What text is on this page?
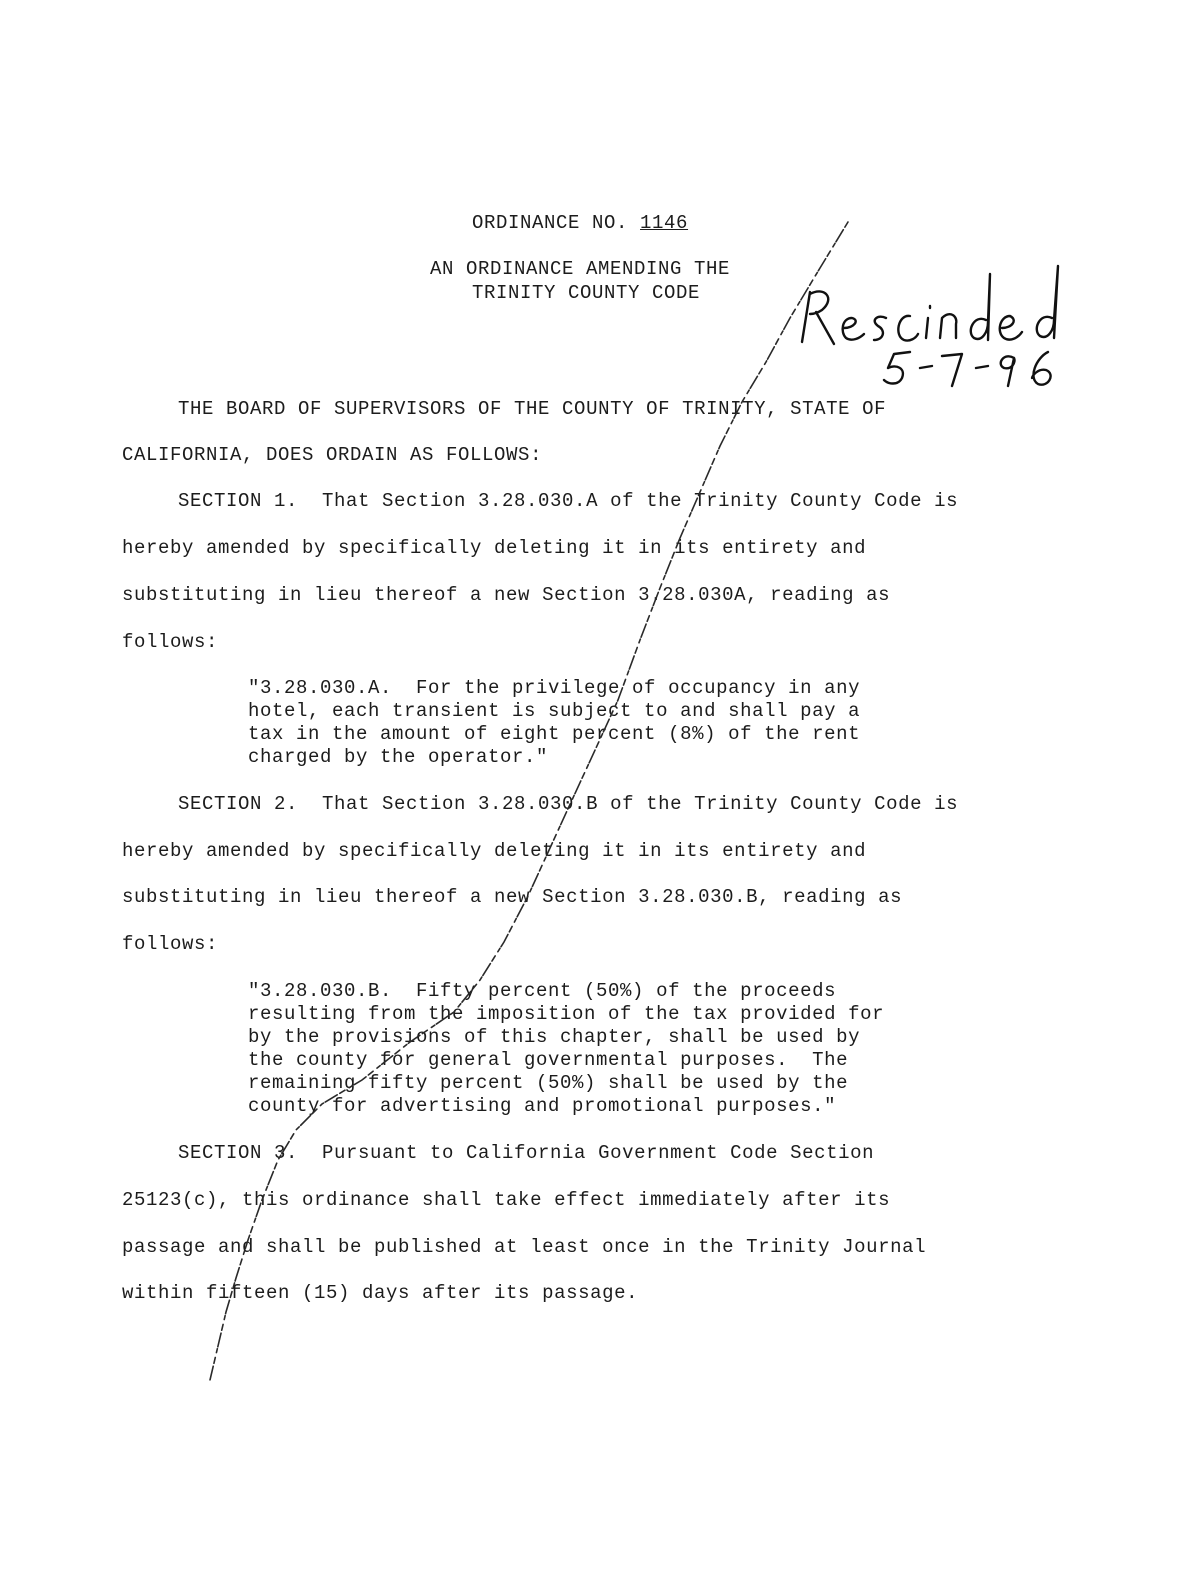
ORDINANCE NO. 1146
AN ORDINANCE AMENDING THE
TRINITY COUNTY CODE
THE BOARD OF SUPERVISORS OF THE COUNTY OF TRINITY, STATE OF
CALIFORNIA, DOES ORDAIN AS FOLLOWS:
SECTION 1.  That Section 3.28.030.A of the Trinity County Code is
hereby amended by specifically deleting it in its entirety and
substituting in lieu thereof a new Section 3.28.030A, reading as
follows:
"3.28.030.A.  For the privilege of occupancy in any
hotel, each transient is subject to and shall pay a
tax in the amount of eight percent (8%) of the rent
charged by the operator."
SECTION 2.  That Section 3.28.030.B of the Trinity County Code is
hereby amended by specifically deleting it in its entirety and
substituting in lieu thereof a new Section 3.28.030.B, reading as
follows:
"3.28.030.B.  Fifty percent (50%) of the proceeds
resulting from the imposition of the tax provided for
by the provisions of this chapter, shall be used by
the county for general governmental purposes.  The
remaining fifty percent (50%) shall be used by the
county for advertising and promotional purposes."
SECTION 3.  Pursuant to California Government Code Section
25123(c), this ordinance shall take effect immediately after its
passage and shall be published at least once in the Trinity Journal
within fifteen (15) days after its passage.
